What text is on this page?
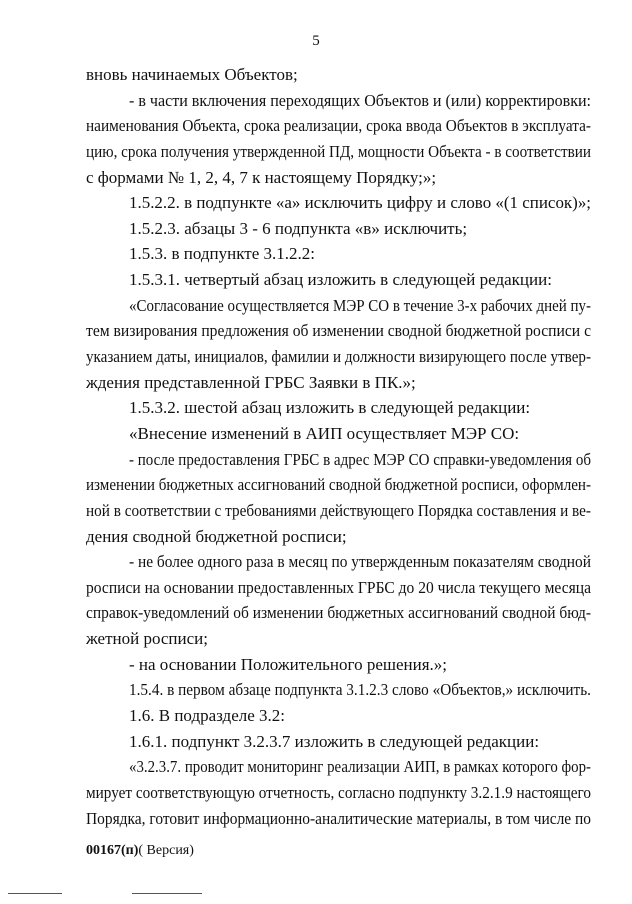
5
вновь начинаемых Объектов;
- в части включения переходящих Объектов и (или) корректировки:
наименования Объекта, срока реализации, срока ввода Объектов в эксплуата-
цию, срока получения утвержденной ПД, мощности Объекта - в соответствии
с формами № 1, 2, 4, 7 к настоящему Порядку;»;
1.5.2.2. в подпункте «а» исключить цифру и слово «(1 список)»;
1.5.2.3. абзацы 3 - 6 подпункта «в» исключить;
1.5.3. в подпункте 3.1.2.2:
1.5.3.1. четвертый абзац изложить в следующей редакции:
«Согласование осуществляется МЭР СО в течение 3-х рабочих дней пу-
тем визирования предложения об изменении сводной бюджетной росписи с
указанием даты, инициалов, фамилии и должности визирующего после утвер-
ждения представленной ГРБС Заявки в ПК.»;
1.5.3.2. шестой абзац изложить в следующей редакции:
«Внесение изменений в АИП осуществляет МЭР СО:
- после предоставления ГРБС в адрес МЭР СО справки-уведомления об
изменении бюджетных ассигнований сводной бюджетной росписи, оформлен-
ной в соответствии с требованиями действующего Порядка составления и ве-
дения сводной бюджетной росписи;
- не более одного раза в месяц по утвержденным показателям сводной
росписи на основании предоставленных ГРБС до 20 числа текущего месяца
справок-уведомлений об изменении бюджетных ассигнований сводной бюд-
жетной росписи;
- на основании Положительного решения.»;
1.5.4. в первом абзаце подпункта 3.1.2.3 слово «Объектов,» исключить.
1.6. В подразделе 3.2:
1.6.1. подпункт 3.2.3.7 изложить в следующей редакции:
«3.2.3.7. проводит мониторинг реализации АИП, в рамках которого фор-
мирует соответствующую отчетность, согласно подпункту 3.2.1.9 настоящего
Порядка, готовит информационно-аналитические материалы, в том числе по
00167(п)( Версия)
